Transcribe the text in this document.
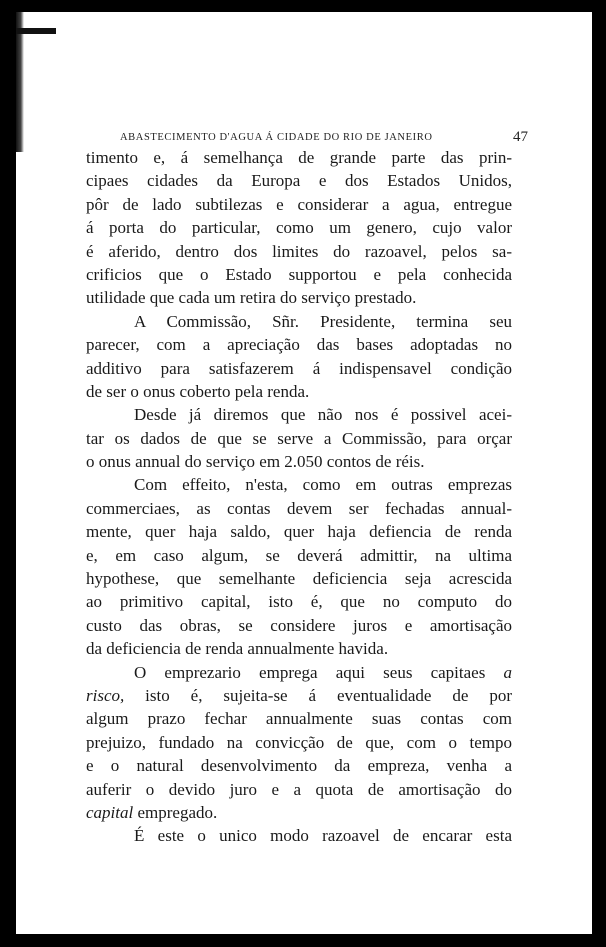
ABASTECIMENTO D'AGUA Á CIDADE DO RIO DE JANEIRO	47
timento e, á semelhança de grande parte das prin-
cipaes cidades da Europa e dos Estados Unidos,
pôr de lado subtilezas e considerar a agua, entregue
á porta do particular, como um genero, cujo valor
é aferido, dentro dos limites do razoavel, pelos sa-
crificios que o Estado supportou e pela conhecida
utilidade que cada um retira do serviço prestado.
A Commissão, Sñr. Presidente, termina seu
parecer, com a apreciação das bases adoptadas no
additivo para satisfazerem á indispensavel condição
de ser o onus coberto pela renda.
Desde já diremos que não nos é possivel acei-
tar os dados de que se serve a Commissão, para orçar
o onus annual do serviço em 2.050 contos de réis.
Com effeito, n'esta, como em outras emprezas
commerciaes, as contas devem ser fechadas annual-
mente, quer haja saldo, quer haja defiencia de renda
e, em caso algum, se deverá admittir, na ultima
hypothese, que semelhante deficiencia seja acrescida
ao primitivo capital, isto é, que no computo do
custo das obras, se considere juros e amortisação
da deficiencia de renda annualmente havida.
O emprezario emprega aqui seus capitaes a
risco, isto é, sujeita-se á eventualidade de por
algum prazo fechar annualmente suas contas com
prejuizo, fundado na convicção de que, com o tempo
e o natural desenvolvimento da empreza, venha a
auferir o devido juro e a quota de amortisação do
capital empregado.
É este o unico modo razoavel de encarar esta
